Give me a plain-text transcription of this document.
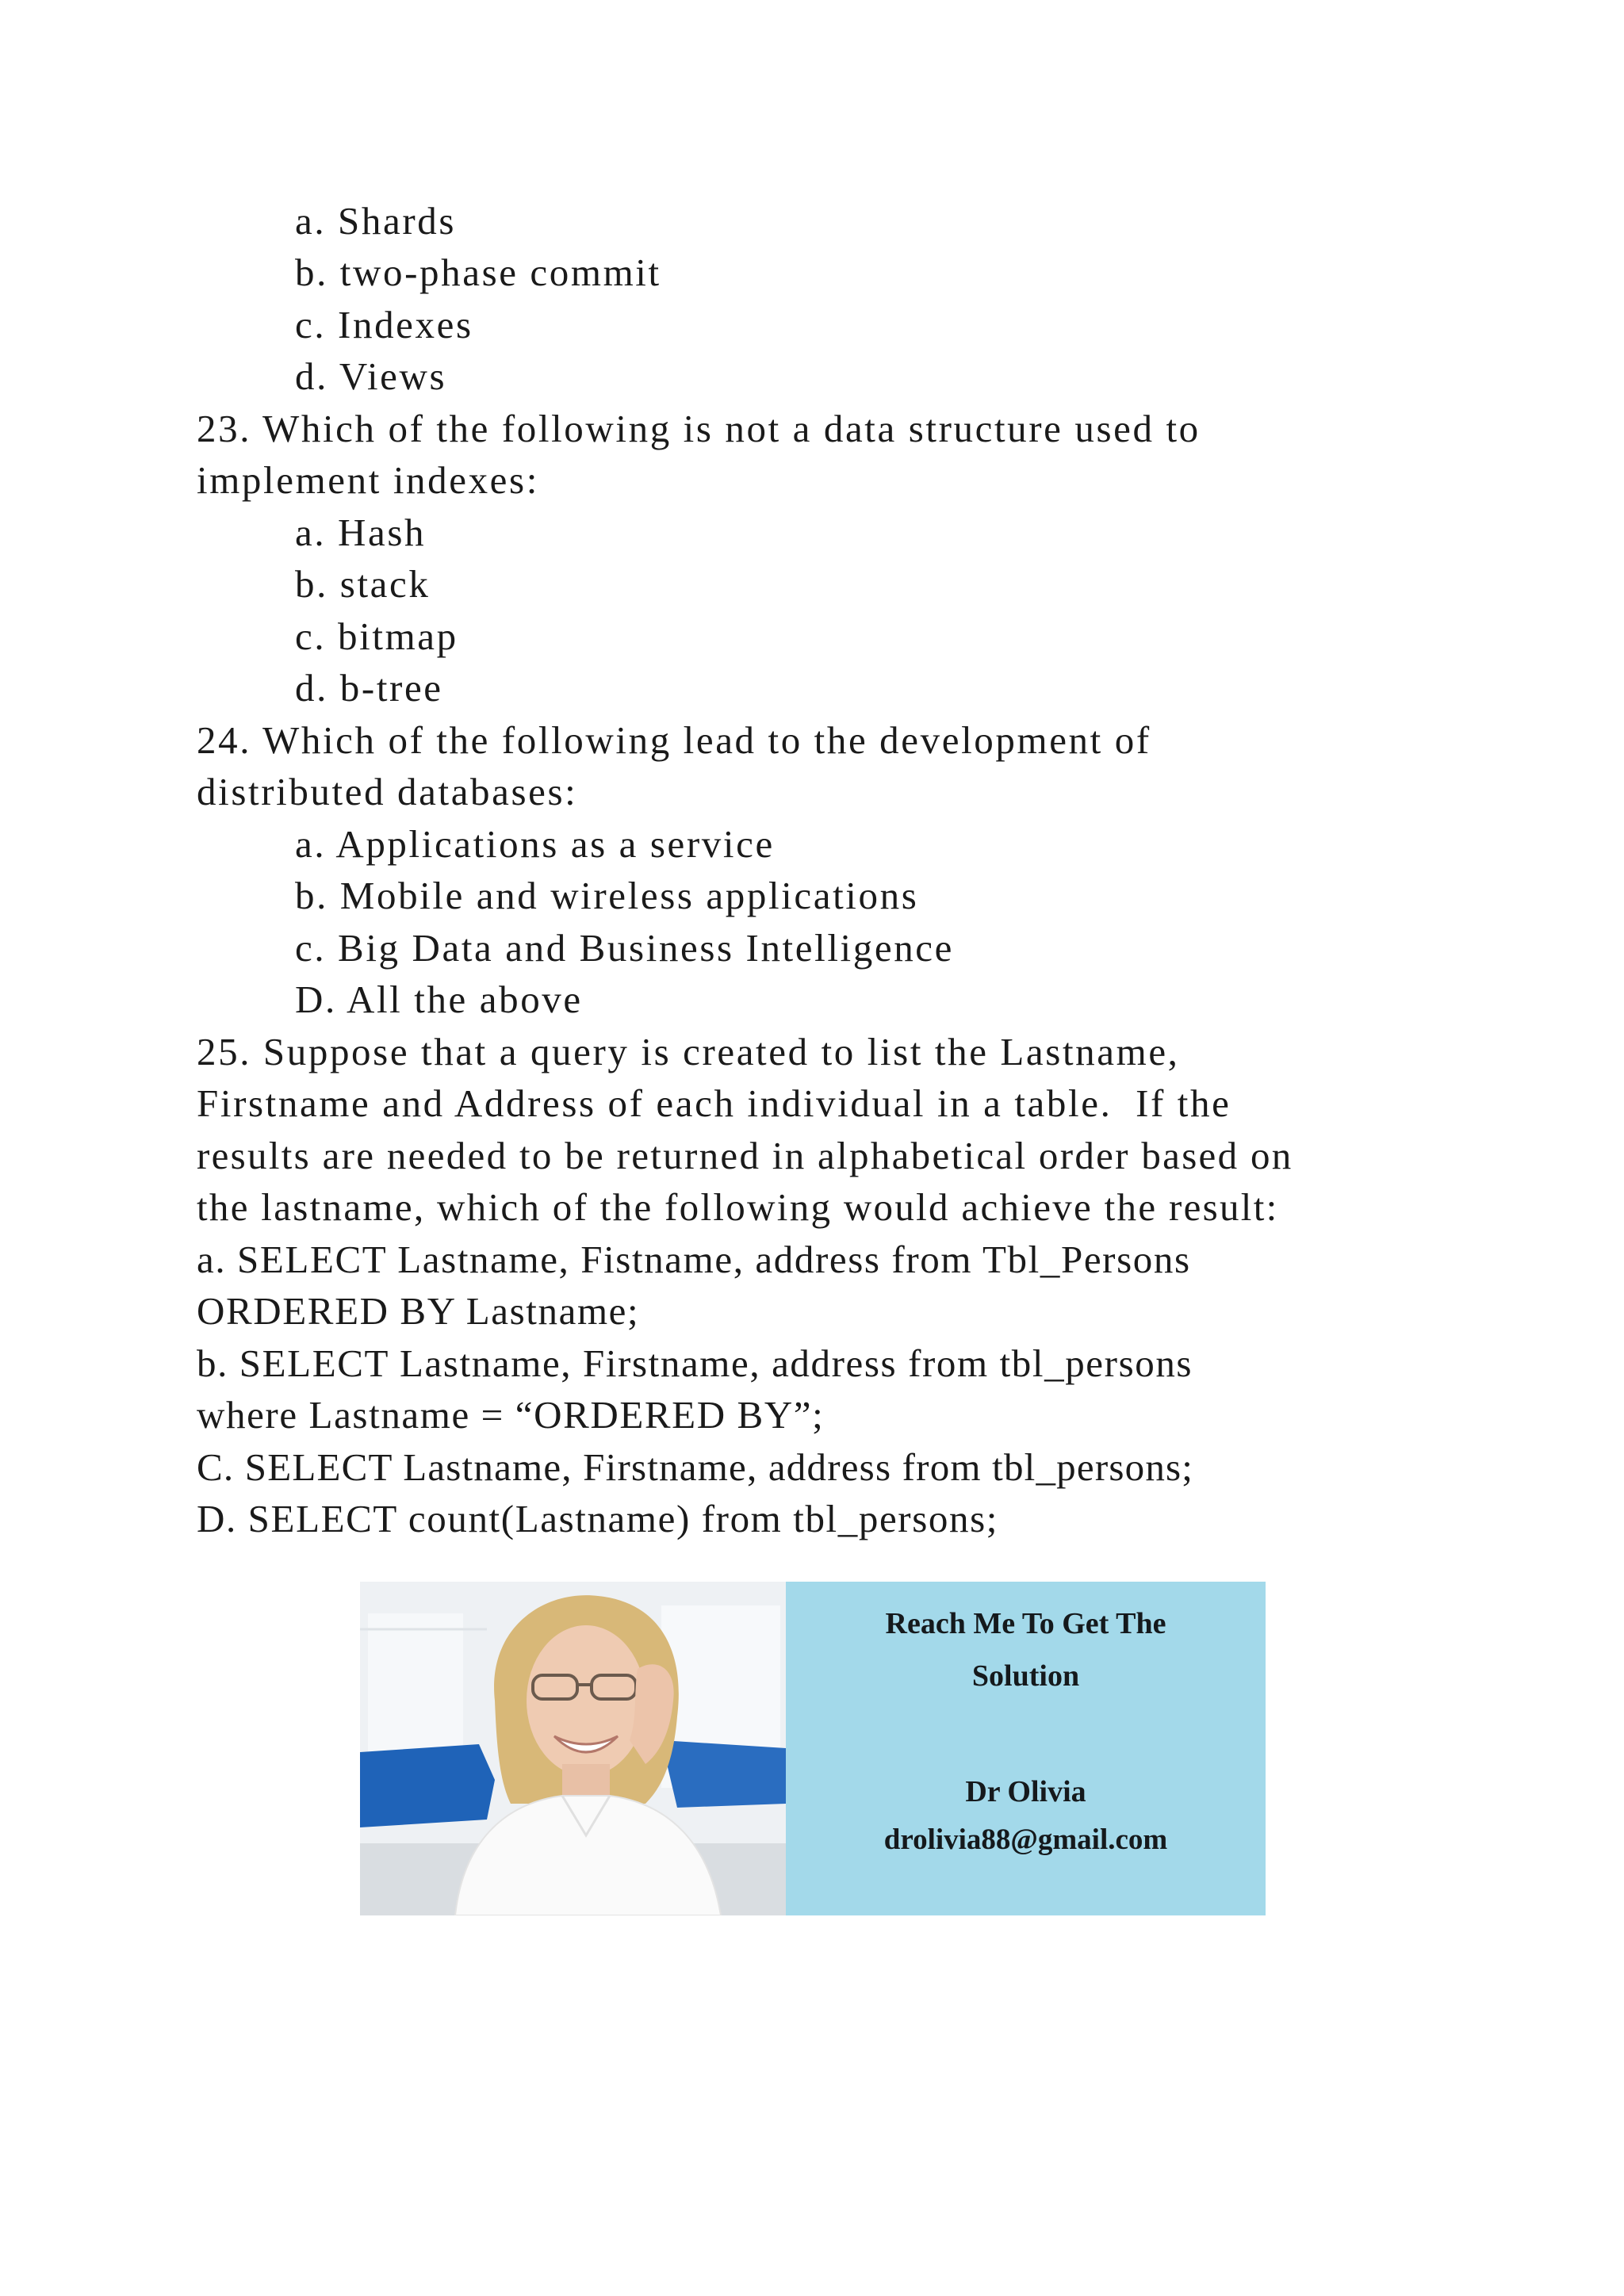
a. Shards
b. two-phase commit
c. Indexes
d. Views
23. Which of the following is not a data structure used to
implement indexes:
a. Hash
b. stack
c. bitmap
d. b-tree
24. Which of the following lead to the development of
distributed databases:
a. Applications as a service
b. Mobile and wireless applications
c. Big Data and Business Intelligence
D. All the above
25. Suppose that a query is created to list the Lastname,
Firstname and Address of each individual in a table.  If the
results are needed to be returned in alphabetical order based on
the lastname, which of the following would achieve the result:
a. SELECT Lastname, Fistname, address from Tbl_Persons
ORDERED BY Lastname;
b. SELECT Lastname, Firstname, address from tbl_persons
where Lastname = “ORDERED BY”;
C. SELECT Lastname, Firstname, address from tbl_persons;
D. SELECT count(Lastname) from tbl_persons;
Reach Me To Get The
Solution
Dr Olivia
drolivia88@gmail.com
